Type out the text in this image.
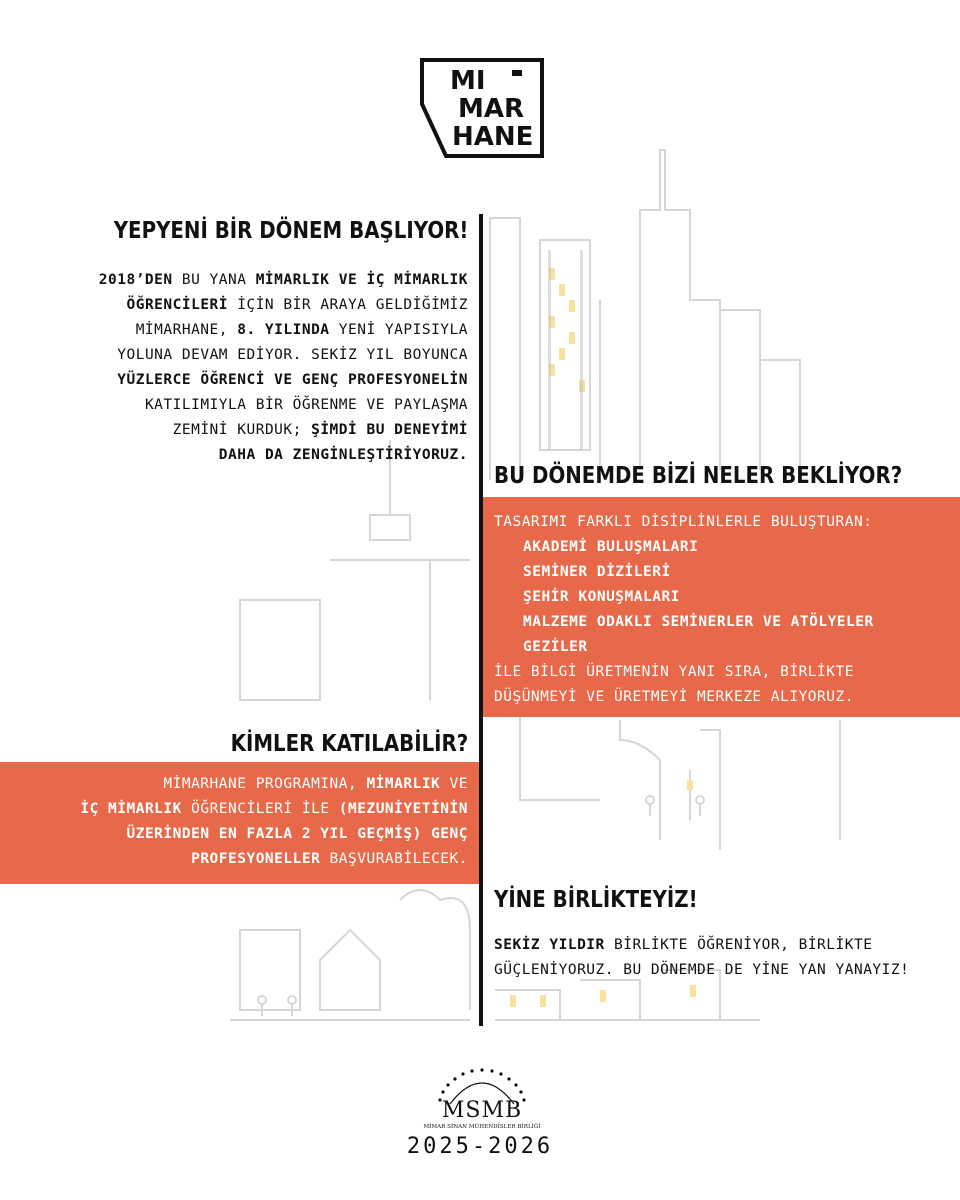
MI
MAR
HANE
YEPYENİ BİR DÖNEM BAŞLIYOR!
2018’DEN BU YANA MİMARLIK VE İÇ MİMARLIK
ÖĞRENCİLERİ İÇİN BİR ARAYA GELDİĞİMİZ
MİMARHANE, 8. YILINDA YENİ YAPISIYLA
YOLUNA DEVAM EDİYOR. SEKİZ YIL BOYUNCA
YÜZLERCE ÖĞRENCİ VE GENÇ PROFESYONELİN
KATILIMIYLA BİR ÖĞRENME VE PAYLAŞMA
ZEMİNİ KURDUK; ŞİMDİ BU DENEYİMİ
DAHA DA ZENGİNLEŞTİRİYORUZ.
BU DÖNEMDE BİZİ NELER BEKLİYOR?
TASARIMI FARKLI DİSİPLİNLERLE BULUŞTURAN:
AKADEMİ BULUŞMALARI
SEMİNER DİZİLERİ
ŞEHİR KONUŞMALARI
MALZEME ODAKLI SEMİNERLER VE ATÖLYELER
GEZİLER
İLE BİLGİ ÜRETMENİN YANI SIRA, BİRLİKTE
DÜŞÜNMEYİ VE ÜRETMEYİ MERKEZE ALIYORUZ.
KİMLER KATILABİLİR?
MİMARHANE PROGRAMINA, MİMARLIK VE
İÇ MİMARLIK ÖĞRENCİLERİ İLE (MEZUNİYETİNİN
ÜZERİNDEN EN FAZLA 2 YIL GEÇMİŞ) GENÇ
PROFESYONELLER BAŞVURABİLECEK.
YİNE BİRLİKTEYİZ!
SEKİZ YILDIR BİRLİKTE ÖĞRENİYOR, BİRLİKTE
GÜÇLENİYORUZ. BU DÖNEMDE DE YİNE YAN YANAYIZ!
MSMB
MİMAR SİNAN MÜHENDİSLER BİRLİĞİ
2025-2026
